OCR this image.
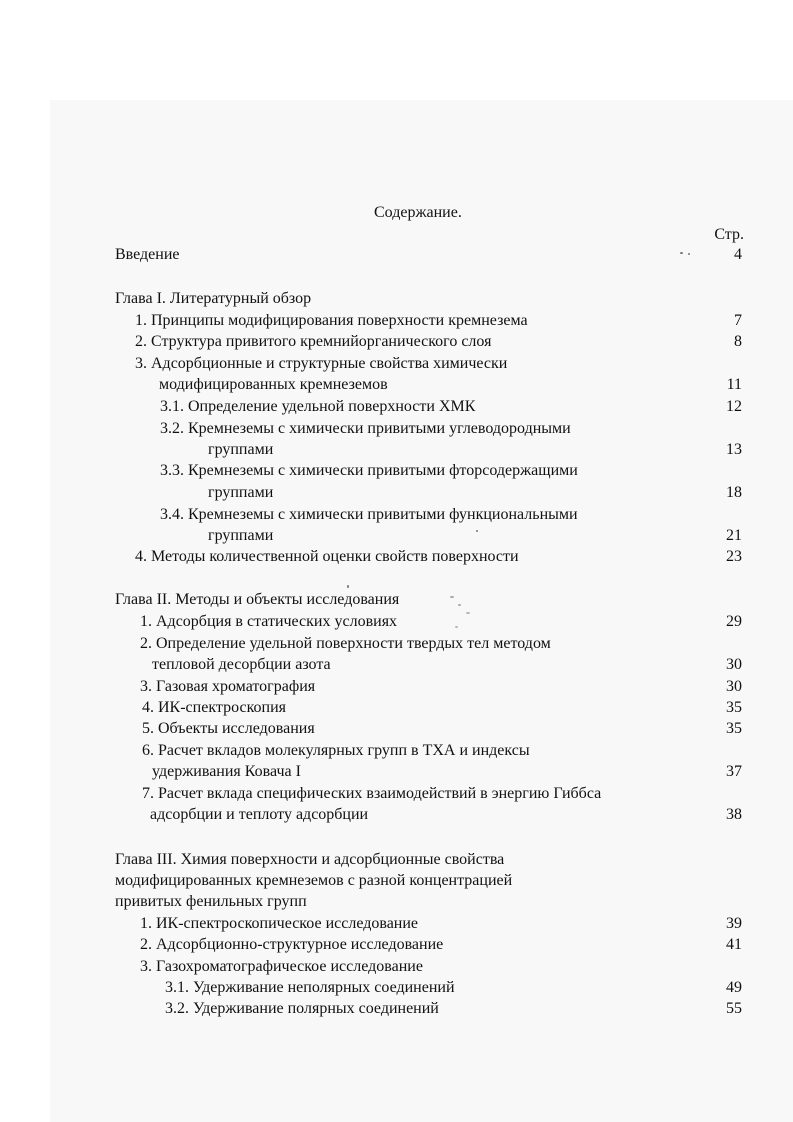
Содержание.
Стр.
Введение	4
Глава I. Литературный обзор
1. Принципы модифицирования поверхности кремнезема	7
2. Структура привитого кремнийорганического слоя	8
3. Адсорбционные и структурные свойства химически
модифицированных кремнеземов	11
3.1. Определение удельной поверхности ХМК	12
3.2. Кремнеземы с химически привитыми углеводородными
группами	13
3.3. Кремнеземы с химически привитыми фторсодержащими
группами	18
3.4. Кремнеземы с химически привитыми функциональными
группами	21
4. Методы количественной оценки свойств поверхности	23
Глава II. Методы и объекты исследования
1. Адсорбция в статических условиях	29
2. Определение удельной поверхности твердых тел методом
тепловой десорбции азота	30
3. Газовая хроматография	30
4. ИК-спектроскопия	35
5. Объекты исследования	35
6. Расчет вкладов молекулярных групп в ТХА и индексы
удерживания Ковача I	37
7. Расчет вклада специфических взаимодействий в энергию Гиббса
адсорбции и теплоту адсорбции	38
Глава III. Химия поверхности и адсорбционные свойства
модифицированных кремнеземов с разной концентрацией
привитых фенильных групп
1. ИК-спектроскопическое исследование	39
2. Адсорбционно-структурное исследование	41
3. Газохроматографическое исследование
3.1. Удерживание неполярных соединений	49
3.2. Удерживание полярных соединений	55
